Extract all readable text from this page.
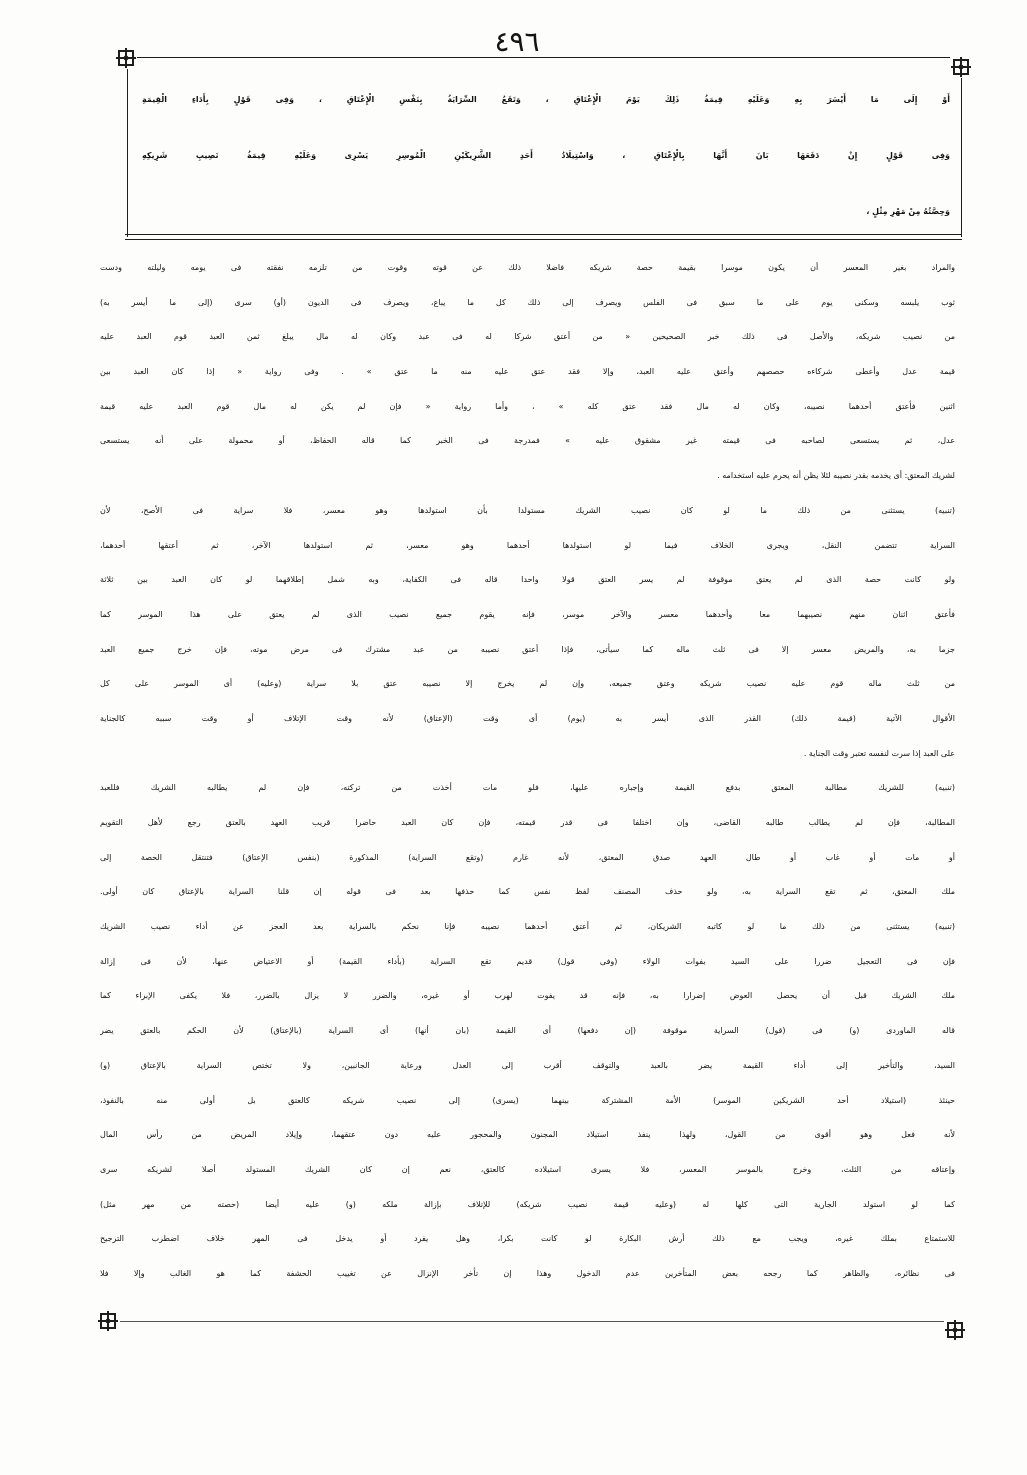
٤٩٦
أَوْ إِلَى مَا أَيْسَرَ بِهِ وَعَلَيْهِ قِيمَةُ ذَلِكَ يَوْمَ الْإِعْتَاقِ ، وَتَقَعُ السِّرَايَةُ بِنَفْسِ الْإِعْتَاقِ ، وَفِى قَوْلٍ بِأَدَاءِ الْقِيمَةِ
وَفِى قَوْلٍ إِنْ دَفَعَهَا بَانَ أَنَّهَا بِالْإِعْتَاقِ ، وَاسْتِيلَادُ أَحَدِ الشَّرِيكَيْنِ الْمُوسِرِ يَسْرِى وَعَلَيْهِ قِيمَةُ نَصِيبِ شَرِيكِهِ
وَحِصَّتُهُ مِنْ مَهْرِ مِثْلٍ ،
والمراد بغير المعسر أن يكون موسرا بقيمة حصة شريكه فاضلا ذلك عن قوته وقوت من تلزمه نفقته فى يومه وليلته ودست
ثوب يلبسه وسكنى يوم على ما سبق فى الفلس ويصرف إلى ذلك كل ما يباع، ويصرف فى الديون (أو) سرى (إلى ما أيسر به)
من نصيب شريكه، والأصل فى ذلك خبر الصحيحين « من أعتق شركا له فى عبد وكان له مال يبلغ ثمن العبد قوم العبد عليه
قيمة عدل وأعطى شركاءه حصصهم وأعتق عليه العبد، وإلا فقد عتق عليه منه ما عتق » . وفى رواية « إذا كان العبد بين
اثنين فأعتق أحدهما نصيبه، وكان له مال فقد عتق كله » ، وأما رواية « فإن لم يكن له مال قوم العبد عليه قيمة
عدل، ثم يستسعى لصاحبه فى قيمته غير مشقوق عليه » فمدرجة فى الخبر كما قاله الحفاظ، أو محمولة على أنه يستسعى
لشريك المعتق: أى يخدمه بقدر نصيبه لئلا يظن أنه يحرم عليه استخدامه .
(تنبيه) يستثنى من ذلك ما لو كان نصيب الشريك مستولدا بأن استولدها وهو معسر، فلا سراية فى الأصح، لأن
السراية تتضمن النقل، ويجرى الخلاف فيما لو استولدها أحدهما وهو معسر، ثم استولدها الآخر، ثم أعتقها أحدهما،
ولو كانت حصة الذى لم يعتق موقوفة لم يسر العتق قولا واحدا قاله فى الكفاية، وبه شمل إطلاقهما لو كان العبد بين ثلاثة
فأعتق اثنان منهم نصيبهما معا وأحدهما معسر والآخر موسر، فإنه يقوم جميع نصيب الذى لم يعتق على هذا الموسر كما
جزما به، والمريض معسر إلا فى ثلث ماله كما سيأتى، فإذا أعتق نصيبه من عبد مشترك فى مرض موته، فإن خرج جميع العبد
من ثلث ماله قوم عليه نصيب شريكه وعتق جميعه، وإن لم يخرج إلا نصيبه عتق بلا سراية (وعليه) أى الموسر على كل
الأقوال الآتية (قيمة ذلك) القدر الذى أيسر به (يوم) أى وقت (الإعتاق) لأنه وقت الإتلاف أو وقت سببه كالجناية
على العبد إذا سرت لنفسه تعتبر وقت الجناية .
(تنبيه) للشريك مطالبة المعتق بدفع القيمة وإجباره عليها، فلو مات أخذت من تركته، فإن لم يطالبه الشريك فللعبد
المطالبة، فإن لم يطالب طالبه القاضى، وإن اختلفا فى قدر قيمته، فإن كان العبد حاضرا قريب العهد بالعتق رجع لأهل التقويم
أو مات أو غاب أو طال العهد صدق المعتق، لأنه غارم (وتقع السراية) المذكورة (بنفس الإعتاق) فتنتقل الحصة إلى
ملك المعتق، ثم تقع السراية به، ولو حذف المصنف لفظ نفس كما حذفها بعد فى قوله إن قلنا السراية بالإعتاق كان أولى.
(تنبيه) يستثنى من ذلك ما لو كاتبه الشريكان، ثم أعتق أحدهما نصيبه فإنا نحكم بالسراية بعد العجز عن أداء نصيب الشريك
فإن فى التعجيل ضررا على السيد بفوات الولاء (وفى قول) قديم تقع السراية (بأداء القيمة) أو الاعتياض عنها، لأن فى إزالة
ملك الشريك قبل أن يحصل العوض إضرارا به، فإنه قد يفوت لهرب أو غيره، والضرر لا يزال بالضرر، فلا يكفى الإبراء كما
قاله الماوردى (و) فى (قول) السراية موقوفة (إن دفعها) أى القيمة (بان أنها) أى السراية (بالإعتاق) لأن الحكم بالعتق يضر
السيد، والتأخير إلى أداء القيمة يضر بالعبد والتوقف أقرب إلى العدل ورعاية الجانبين، ولا تختص السراية بالإعتاق (و)
حينئذ (استيلاد أحد الشريكين الموسر) الأمة المشتركة بينهما (يسرى) إلى نصيب شريكه كالعتق بل أولى منه بالنفوذ،
لأنه فعل وهو أقوى من القول، ولهذا ينفذ استيلاد المجنون والمحجور عليه دون عتقهما، وإيلاد المريض من رأس المال
وإعتاقه من الثلث، وخرج بالموسر المعسر، فلا يسرى استيلاده كالعتق، نعم إن كان الشريك المستولد أصلا لشريكه سرى
كما لو استولد الجارية التى كلها له (وعليه قيمة نصيب شريكه) للإتلاف بإزالة ملكه (و) عليه أيضا (حصته من مهر مثل)
للاستمتاع بملك غيره، ويجب مع ذلك أرش البكارة لو كانت بكرا، وهل يفرد أو يدخل فى المهر خلاف اضطرب الترجيح
فى نظائره، والظاهر كما رجحه بعض المتأخرين عدم الدخول وهذا إن تأخر الإنزال عن تغييب الحشفة كما هو الغالب وإلا فلا
